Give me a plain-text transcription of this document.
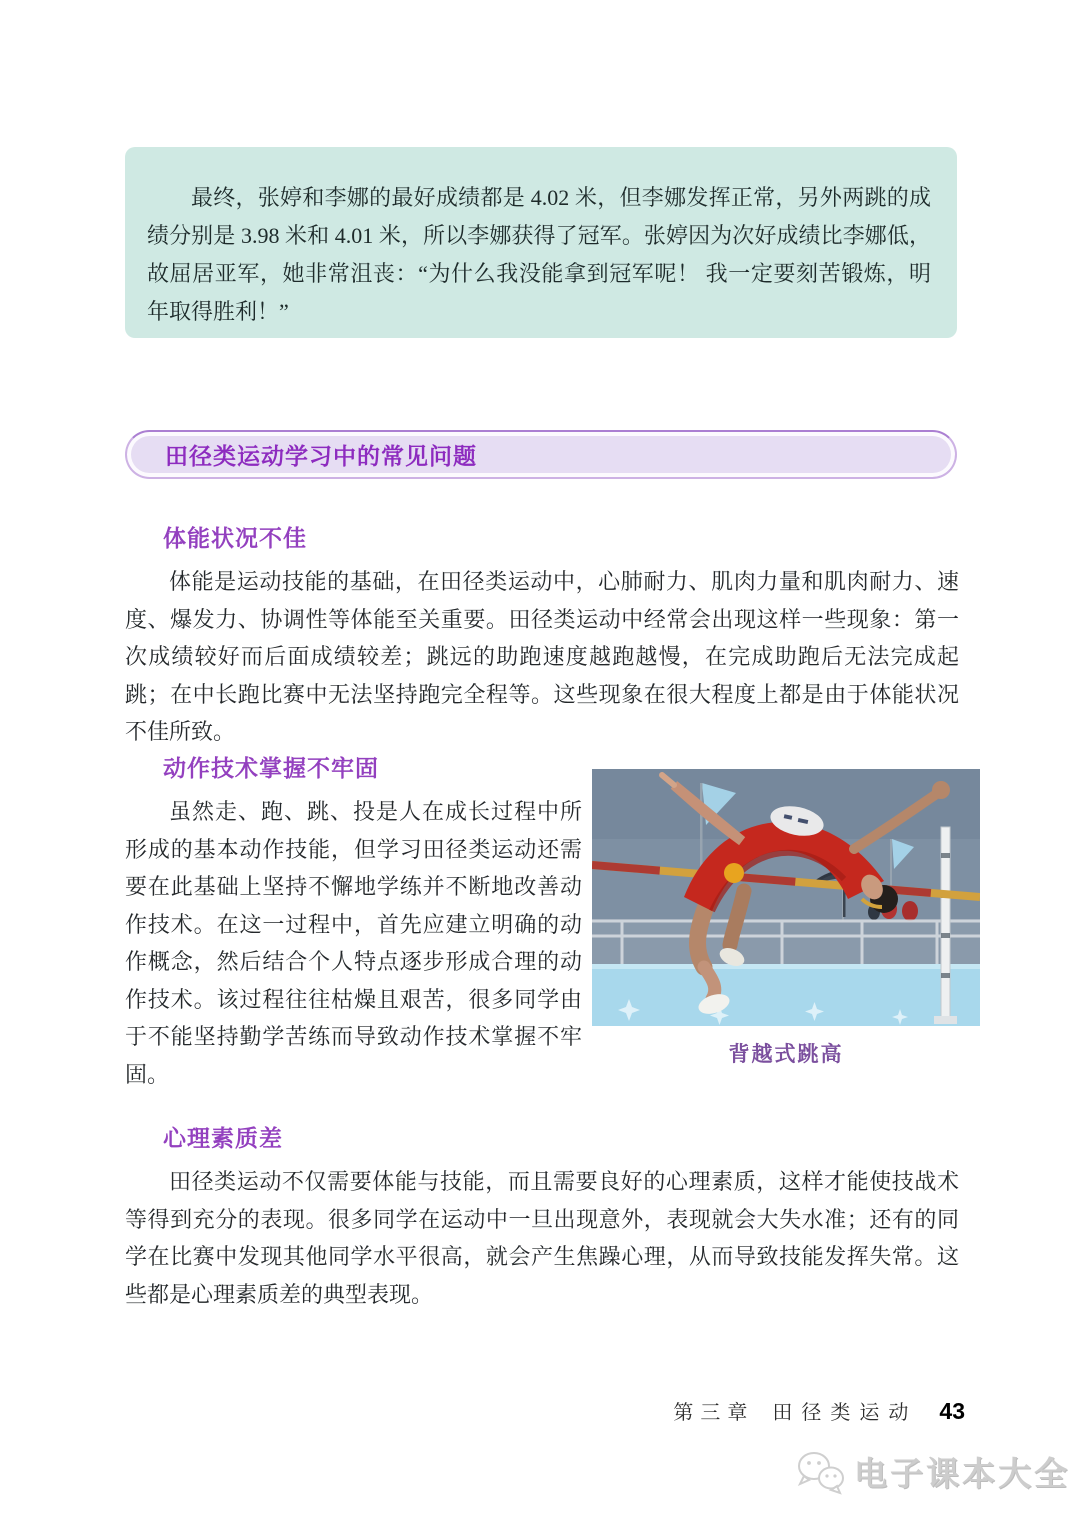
最终，张婷和李娜的最好成绩都是 4.02 米，但李娜发挥正常，另外两跳的成绩分别是 3.98 米和 4.01 米，所以李娜获得了冠军。张婷因为次好成绩比李娜低，故屈居亚军，她非常沮丧：“为什么我没能拿到冠军呢！ 我一定要刻苦锻炼，明年取得胜利！”

田径类运动学习中的常见问题
体能状况不佳

体能是运动技能的基础，在田径类运动中，心肺耐力、肌肉力量和肌肉耐力、速度、爆发力、协调性等体能至关重要。田径类运动中经常会出现这样一些现象：第一次成绩较好而后面成绩较差；跳远的助跑速度越跑越慢，在完成助跑后无法完成起跳；在中长跑比赛中无法坚持跑完全程等。这些现象在很大程度上都是由于体能状况不佳所致。

动作技术掌握不牢固

虽然走、跑、跳、投是人在成长过程中所形成的基本动作技能，但学习田径类运动还需要在此基础上坚持不懈地学练并不断地改善动作技术。在这一过程中，首先应建立明确的动作概念，然后结合个人特点逐步形成合理的动作技术。该过程往往枯燥且艰苦，很多同学由于不能坚持勤学苦练而导致动作技术掌握不牢固。

背越式跳高
心理素质差

田径类运动不仅需要体能与技能，而且需要良好的心理素质，这样才能使技战术等得到充分的表现。很多同学在运动中一旦出现意外，表现就会大失水准；还有的同学在比赛中发现其他同学水平很高，就会产生焦躁心理，从而导致技能发挥失常。这些都是心理素质差的典型表现。

第三章 田径类运动 43
电子课本大全
